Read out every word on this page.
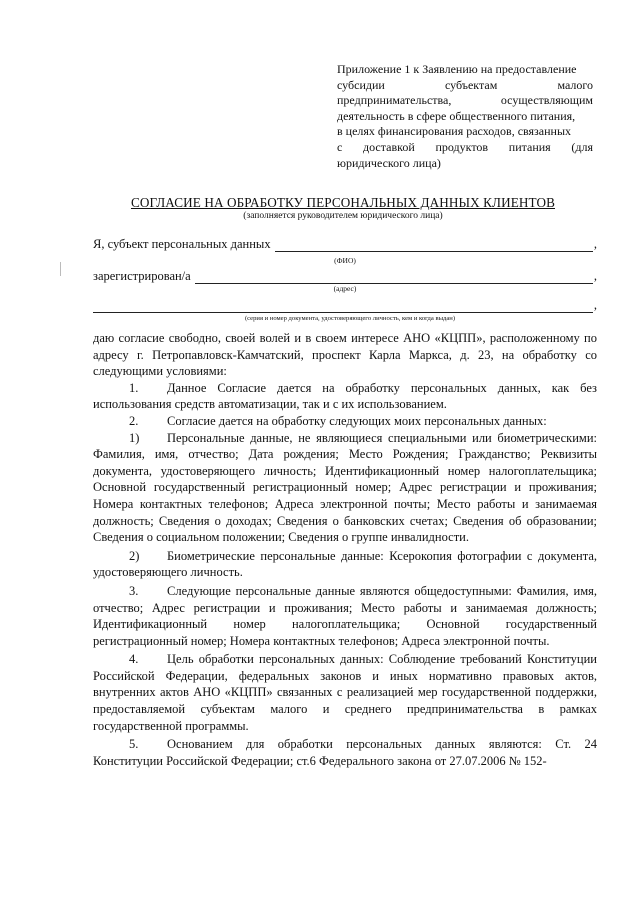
Приложение 1 к Заявлению на предоставление
субсидии	субъектам	малого
предпринимательства,	осуществляющим
деятельность в сфере общественного питания,
в целях финансирования расходов, связанных
с доставкой продуктов питания (для
юридического лица)
СОГЛАСИЕ НА ОБРАБОТКУ ПЕРСОНАЛЬНЫХ ДАННЫХ КЛИЕНТОВ
(заполняется руководителем юридического лица)
Я, субъект персональных данных	,
(ФИО)
зарегистрирован/а	,
(адрес)
,
(серия и номер документа, удостоверяющего личность, кем и когда выдан)

даю согласие свободно, своей волей и в своем интересе АНО «КЦПП», расположенному по адресу г. Петропавловск-Камчатский, проспект Карла Маркса, д. 23, на обработку со следующими условиями:

1. Данное Согласие дается на обработку персональных данных, как без использования средств автоматизации, так и с их использованием.

2. Согласие дается на обработку следующих моих персональных данных:

1) Персональные данные, не являющиеся специальными или биометрическими: Фамилия, имя, отчество; Дата рождения; Место Рождения; Гражданство; Реквизиты документа, удостоверяющего личность; Идентификационный номер налогоплательщика; Основной государственный регистрационный номер; Адрес регистрации и проживания; Номера контактных телефонов; Адреса электронной почты; Место работы и занимаемая должность; Сведения о доходах; Сведения о банковских счетах; Сведения об образовании; Сведения о социальном положении; Сведения о группе инвалидности.

2) Биометрические персональные данные: Ксерокопия фотографии с документа, удостоверяющего личность.

3. Следующие персональные данные являются общедоступными: Фамилия, имя, отчество; Адрес регистрации и проживания; Место работы и занимаемая должность; Идентификационный номер налогоплательщика; Основной государственный регистрационный номер; Номера контактных телефонов; Адреса электронной почты.

4. Цель обработки персональных данных: Соблюдение требований Конституции Российской Федерации, федеральных законов и иных нормативно правовых актов, внутренних актов АНО «КЦПП» связанных с реализацией мер государственной поддержки, предоставляемой субъектам малого и среднего предпринимательства в рамках государственной программы.

5. Основанием для обработки персональных данных являются: Ст. 24 Конституции Российской Федерации; ст.6 Федерального закона от 27.07.2006 № 152-
